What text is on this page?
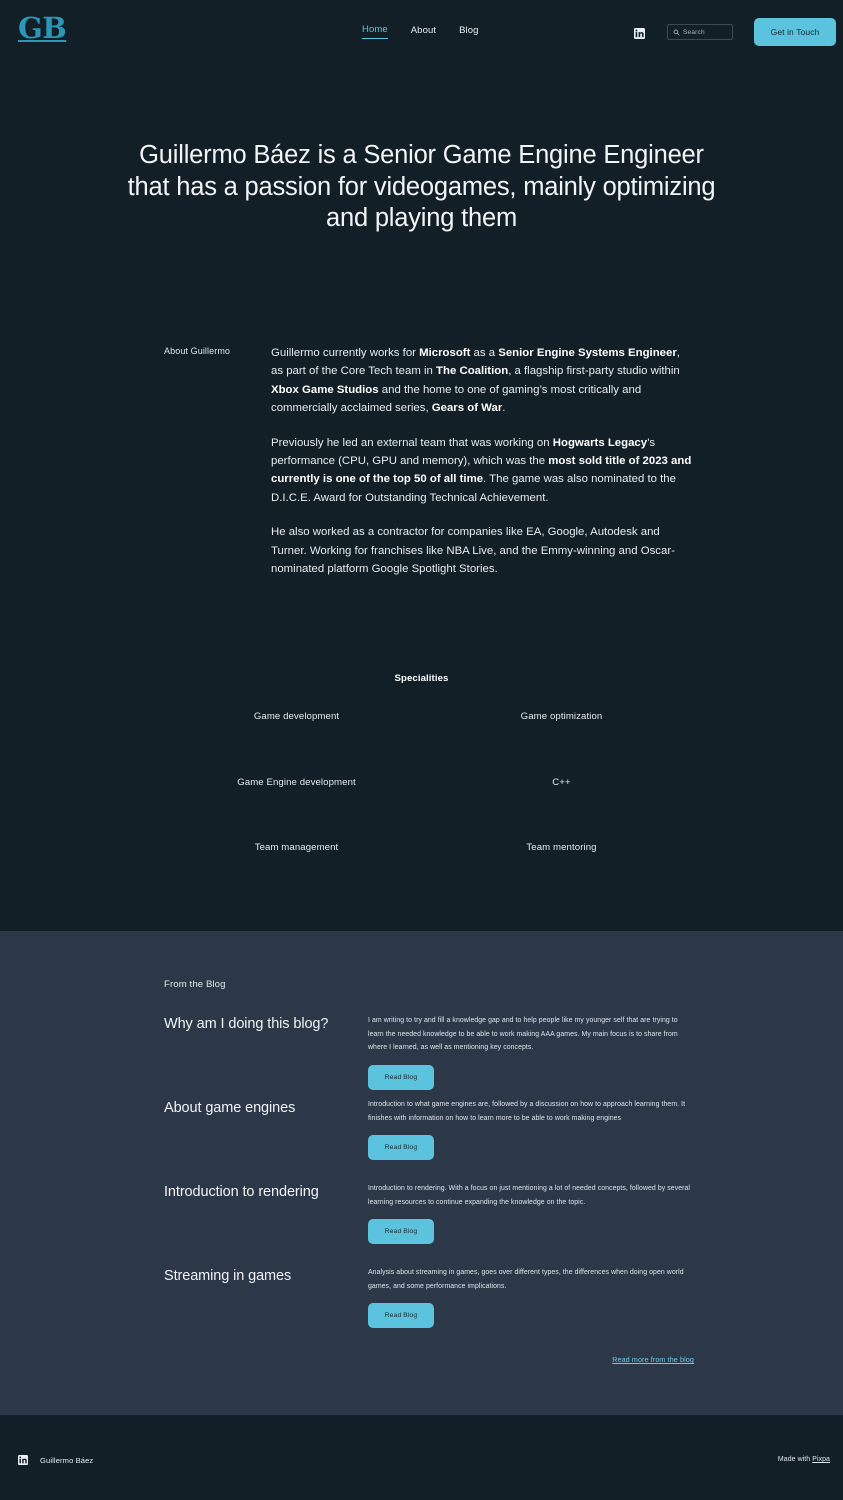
GB	Home About Blog
Search	Get in Touch
Guillermo Báez is a Senior Game Engine Engineer that has a passion for videogames, mainly optimizing and playing them
About Guillermo	Guillermo currently works for Microsoft as a Senior Engine Systems Engineer, as part of the Core Tech team in The Coalition, a flagship first-party studio within Xbox Game Studios and the home to one of gaming’s most critically and commercially acclaimed series, Gears of War.

Previously he led an external team that was working on Hogwarts Legacy’s performance (CPU, GPU and memory), which was the most sold title of 2023 and currently is one of the top 50 of all time. The game was also nominated to the D.I.C.E. Award for Outstanding Technical Achievement.

He also worked as a contractor for companies like EA, Google, Autodesk and Turner. Working for franchises like NBA Live, and the Emmy-winning and Oscar-nominated platform Google Spotlight Stories.

Specialities
Game development	Game optimization
Game Engine development	C++
Team management	Team mentoring
From the Blog
Why am I doing this blog?	I am writing to try and fill a knowledge gap and to help people like my younger self that are trying to learn the needed knowledge to be able to work making AAA games. My main focus is to share from where I learned, as well as mentioning key concepts.
Read Blog
About game engines	Introduction to what game engines are, followed by a discussion on how to approach learning them. It finishes with information on how to learn more to be able to work making engines
Read Blog
Introduction to rendering	Introduction to rendering. With a focus on just mentioning a lot of needed concepts, followed by several learning resources to continue expanding the knowledge on the topic.
Read Blog
Streaming in games	Analysis about streaming in games, goes over different types, the differences when doing open world games, and some performance implications.
Read Blog
Read more from the blog
Guillermo Báez	Made with Pixpa
